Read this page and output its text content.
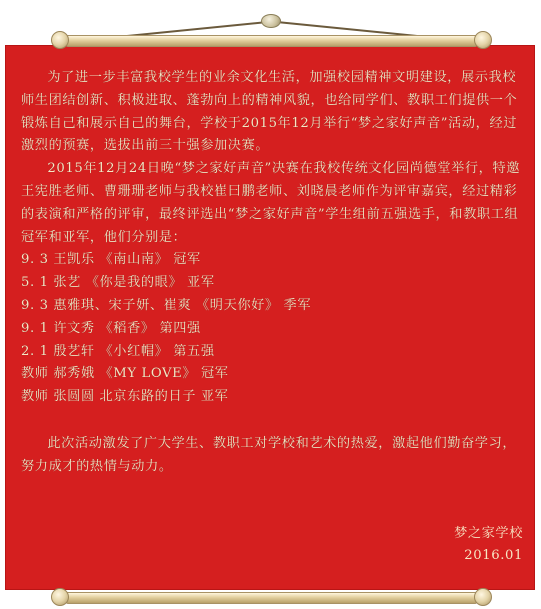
为了进一步丰富我校学生的业余文化生活，加强校园精神文明建设，展示我校师生团结创新、积极进取、蓬勃向上的精神风貌，也给同学们、教职工们提供一个锻炼自己和展示自己的舞台，学校于2015年12月举行“梦之家好声音”活动，经过激烈的预赛，选拔出前三十强参加决赛。

2015年12月24日晚“梦之家好声音”决赛在我校传统文化园尚德堂举行，特邀王宪胜老师、曹珊珊老师与我校崔曰鹏老师、刘晓晨老师作为评审嘉宾，经过精彩的表演和严格的评审，最终评选出“梦之家好声音”学生组前五强选手，和教职工组冠军和亚军，他们分别是：

9. 3 王凯乐 《南山南》 冠军

5. 1 张艺 《你是我的眼》 亚军

9. 3 惠雅琪、宋子妍、崔爽 《明天你好》 季军

9. 1 许文秀 《稻香》 第四强

2. 1 殷艺轩 《小红帽》 第五强

教师 郝秀娥 《MY LOVE》 冠军

教师 张圆圆 北京东路的日子 亚军

此次活动激发了广大学生、教职工对学校和艺术的热爱，激起他们勤奋学习，努力成才的热情与动力。

梦之家学校
2016.01
